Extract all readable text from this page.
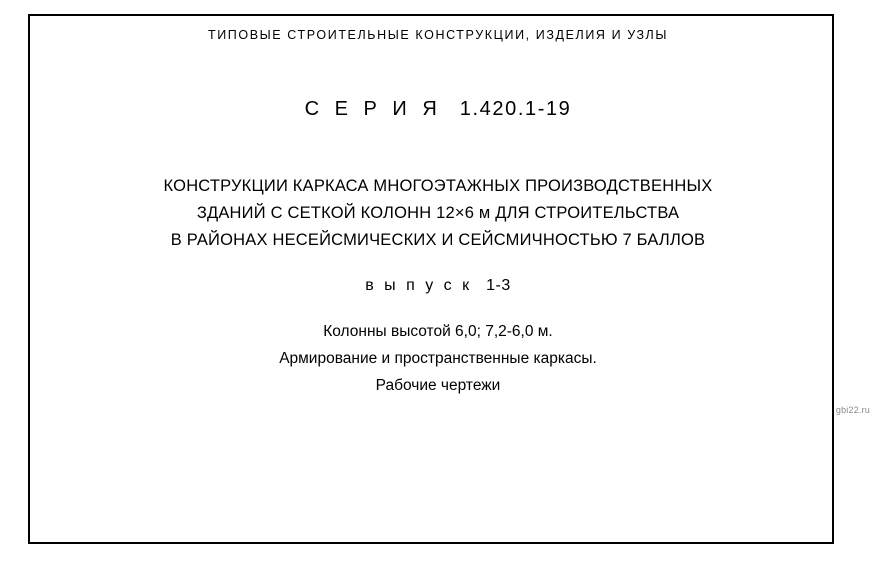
ТИПОВЫЕ СТРОИТЕЛЬНЫЕ КОНСТРУКЦИИ, ИЗДЕЛИЯ И УЗЛЫ
С Е Р И Я 1.420.1-19
КОНСТРУКЦИИ КАРКАСА МНОГОЭТАЖНЫХ ПРОИЗВОДСТВЕННЫХ
ЗДАНИЙ С СЕТКОЙ КОЛОНН 12×6 м ДЛЯ СТРОИТЕЛЬСТВА
В РАЙОНАХ НЕСЕЙСМИЧЕСКИХ И СЕЙСМИЧНОСТЬЮ 7 БАЛЛОВ
в ы п у с к 1-3
Колонны высотой 6,0; 7,2-6,0 м.
Армирование и пространственные каркасы.
Рабочие чертежи
gbi22.ru
